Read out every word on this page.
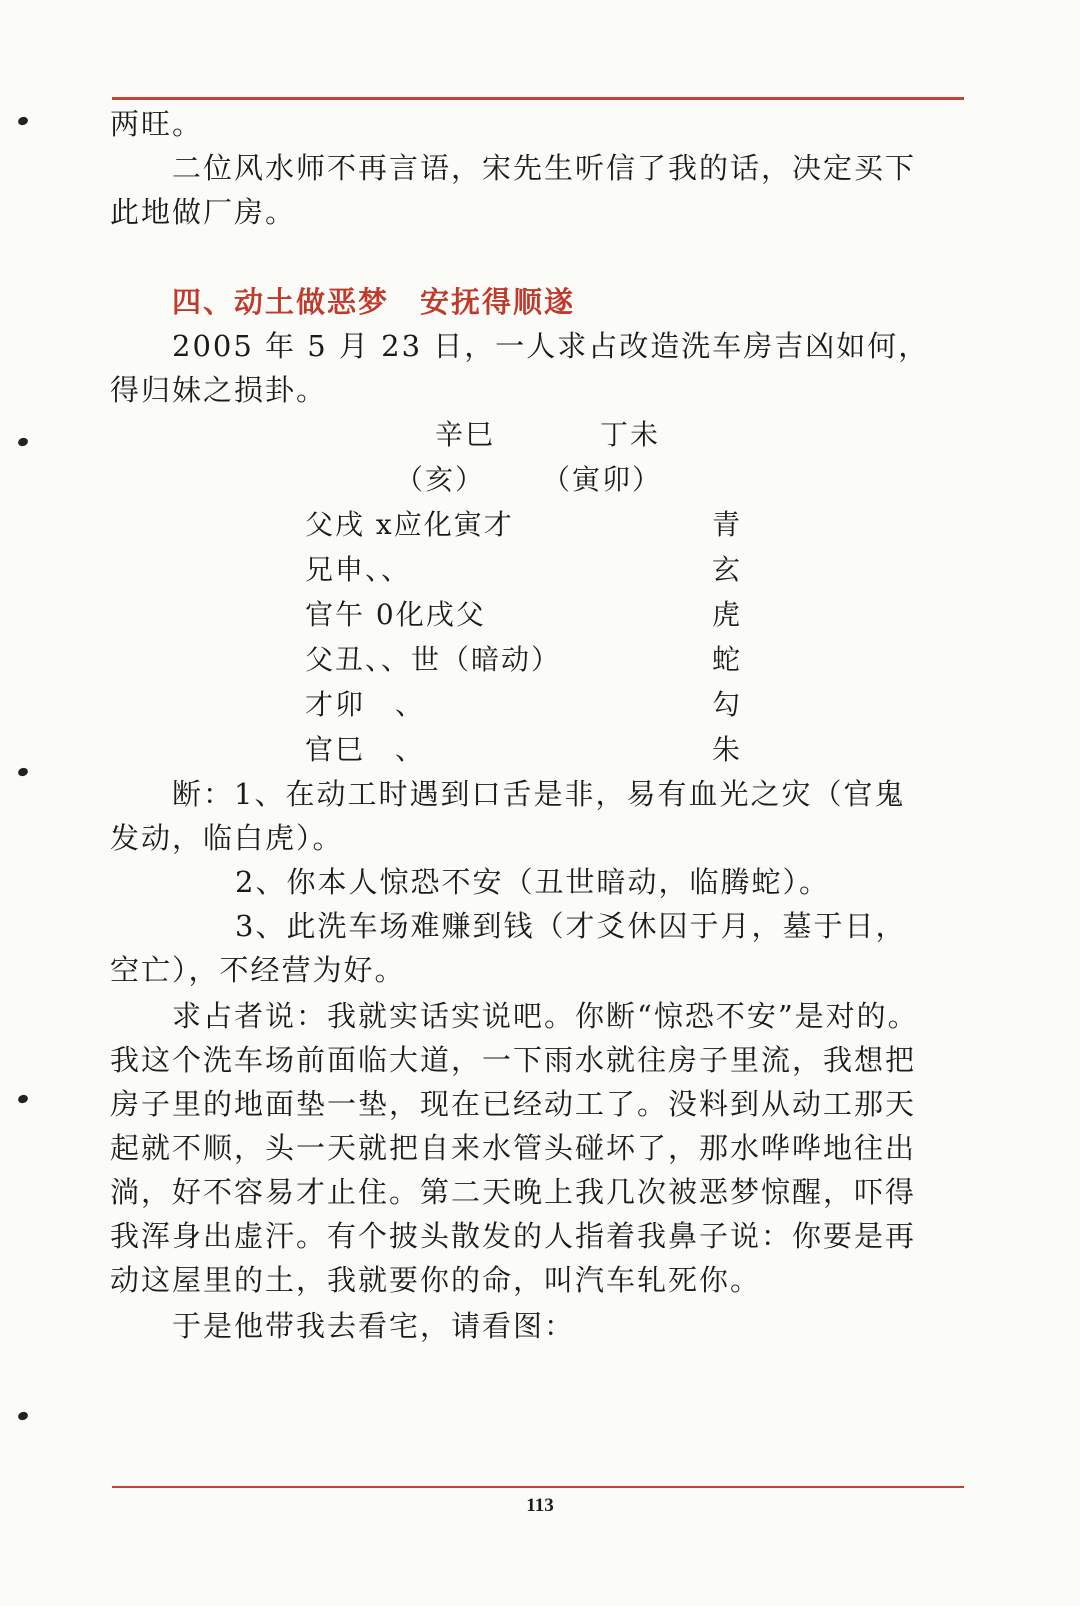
两旺。
二位风水师不再言语，宋先生听信了我的话，决定买下
此地做厂房。
四、动土做恶梦　安抚得顺遂
2005 年 5 月 23 日，一人求占改造洗车房吉凶如何，
得归妹之损卦。
辛巳	丁未
（亥） （寅卯）
父戌 x应化寅才	青
兄申、、	玄
官午 0化戌父	虎
父丑、、世（暗动）	蛇
才卯　、	勾
官巳　、	朱
断：1、在动工时遇到口舌是非，易有血光之灾（官鬼
发动，临白虎）。
2、你本人惊恐不安（丑世暗动，临腾蛇）。
3、此洗车场难赚到钱（才爻休囚于月，墓于日，
空亡），不经营为好。
求占者说：我就实话实说吧。你断“惊恐不安”是对的。
我这个洗车场前面临大道，一下雨水就往房子里流，我想把
房子里的地面垫一垫，现在已经动工了。没料到从动工那天
起就不顺，头一天就把自来水管头碰坏了，那水哗哗地往出
淌，好不容易才止住。第二天晚上我几次被恶梦惊醒，吓得
我浑身出虚汗。有个披头散发的人指着我鼻子说：你要是再
动这屋里的土，我就要你的命，叫汽车轧死你。
于是他带我去看宅，请看图：
113
